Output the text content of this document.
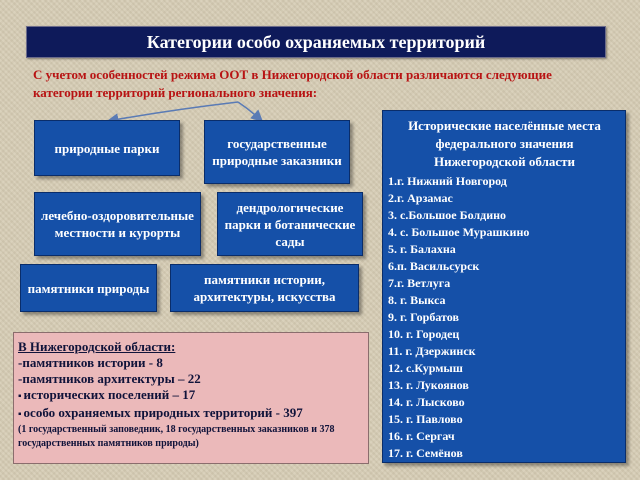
Категории особо охраняемых территорий
С учетом особенностей режима ООТ в Нижегородской области различаются следующие категории территорий регионального значения:
природные парки	государственные природные заказники
лечебно-оздоровительные местности и курорты
дендрологические парки и ботанические сады
памятники природы
памятники истории, архитектуры, искусства
Исторические населённые места федерального значения Нижегородской области
1.г. Нижний Новгород
2.г. Арзамас
3. с.Большое Болдино
4. с. Большое Мурашкино
5. г. Балахна
6.п. Васильсурск
7.г. Ветлуга
8. г. Выкса
9. г. Горбатов
10. г. Городец
11. г. Дзержинск
12. с.Курмыш
13. г. Лукоянов
14. г. Лысково
15. г. Павлово
16. г. Сергач
17. г. Семёнов
В Нижегородской области:
-памятников истории - 8
-памятников архитектуры – 22
▪ исторических поселений – 17
▪ особо охраняемых природных территорий - 397
(1 государственный заповедник, 18 государственных заказников и 378 государственных памятников природы)
